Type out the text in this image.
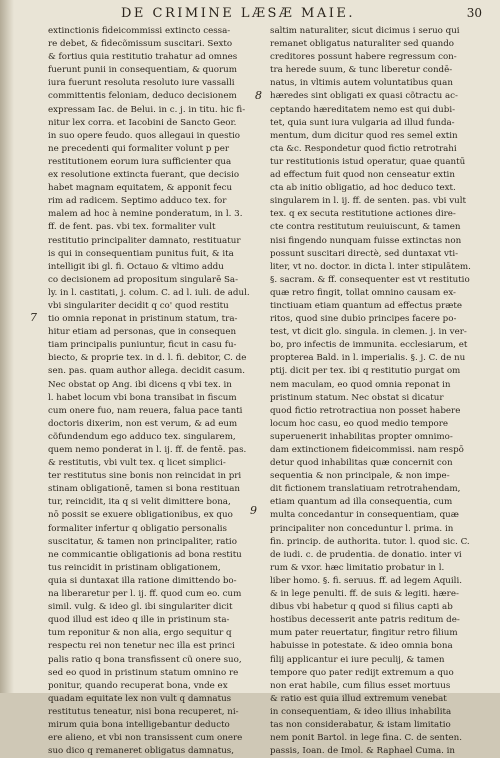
DE CRIMINE LÆSÆ MAIE.	30
extinctionis fideicommissi extincto cessa-
re debet, & fidecõmissum suscitari. Sexto
& fortius quia restitutio trahatur ad omnes
fuerunt punii in consequentiam, & quorum
iura fuerunt resoluta resoluto iure vassalli
committentis feloniam, deduco decisionem
expressam Iac. de Belui. in c. j. in titu. hic fi-
nitur lex corra. et Iacobini de Sancto Geor.
in suo opere feudo. quos allegaui in questio
ne precedenti qui formaliter volunt p per
restitutionem eorum iura sufficienter qua
ex resolutione extincta fuerant, que decisio
habet magnam equitatem, & apponit fecu
rim ad radicem. Septimo adduco tex. for
malem ad hoc à nemine ponderatum, in l. 3.
ff. de fent. pas. vbi tex. formaliter vult
restitutio principaliter damnato, restituatur
is qui in consequentiam punitus fuit, & ita
intelligit ibi gl. fi. Octauo & vltimo addu
co decisionem ad propositum singularē Sa-
ly. in l. castitati, j. colum. C. ad l. iuli. de adul.
vbi singulariter decidit q co' quod restitu
tio omnia reponat in pristinum statum, tra-
hitur etiam ad personas, que in consequen
tiam principalis puniuntur, ficut in casu fu-
biecto, & proprie tex. in d. l. fi. debitor, C. de
sen. pas. quam author allega. decidit casum.
Nec obstat op Ang. ibi dicens q vbi tex. in
l. habet locum vbi bona transibat in fiscum
cum onere fuo, nam reuera, falua pace tanti
doctoris dixerim, non est verum, & ad eum
cõfundendum ego adduco tex. singularem,
quem nemo ponderat in l. ij. ff. de fentē. pas.
& restitutis, vbi vult tex. q licet simplici-
ter restitutus sine bonis non reincidat in pri
stinam obligationē, tamen si bona restituan
tur, reincidit, ita q si velit dimittere bona,
nō possit se exuere obligationibus, ex quo
formaliter infertur q obligatio personalis
suscitatur, & tamen non principaliter, ratio
ne commicantie obligationis ad bona restitu
tus reincidit in pristinam obligationem,
quia si duntaxat illa ratione dimittendo bo-
na liberaretur per l. ij. ff. quod cum eo. cum
simil. vulg. & ideo gl. ibi singulariter dicit
quod illud est ideo q ille in pristinum sta-
tum reponitur & non alia, ergo sequitur q
respectu rei non tenetur nec illa est princi
palis ratio q bona transfissent cũ onere suo,
sed eo quod in pristinum statum omnino re
ponitur, quando recuperat bona, vnde ex
quadam equitate lex non vult q damnatus
restitutus teneatur, nisi bona recuperet, ni-
mirum quia bona intelligebantur deducto
ere alieno, et vbi non transissent cum onere
suo dico q remaneret obligatus damnatus,
saltim naturaliter, sicut dicimus i seruo qui
remanet obligatus naturaliter sed quando
creditores possunt habere regressum con-
tra herede suum, & tunc liberetur condē-
natus, in vltimis autem voluntatibus quan
hæredes sint obligati ex quasi cõtractu ac-
ceptando hæreditatem nemo est qui dubi-
tet, quia sunt iura vulgaria ad illud funda-
mentum, dum dicitur quod res semel extin
cta &c. Respondetur quod fictio retrotrahi
tur restitutionis istud operatur, quae quantū
ad effectum fuit quod non censeatur extin
cta ab initio obligatio, ad hoc deduco text.
singularem in l. ij. ff. de senten. pas. vbi vult
tex. q ex secuta restitutione actiones dire-
cte contra restitutum reuiuiscunt, & tamen
nisi fingendo nunquam fuisse extinctas non
possunt suscitari directè, sed duntaxat vti-
liter, vt no. doctor. in dicta l. inter stipulātem.
§. sacram. & ff. consequenter est vt restitutio
quæ retro fingit, tollat omnino causam ex-
tinctiuam etiam quantum ad effectus præte
ritos, quod sine dubio principes facere po-
test, vt dicit glo. singula. in clemen. j. in ver-
bo, pro infectis de immunita. ecclesiarum, et
propterea Bald. in l. imperialis. §. j. C. de nu
ptij. dicit per tex. ibi q restitutio purgat om
nem maculam, eo quod omnia reponat in
pristinum statum. Nec obstat si dicatur
quod fictio retrotractiua non posset habere
locum hoc casu, eo quod medio tempore
superuenerit inhabilitas propter omnimo-
dam extinctionem fideicommissi. nam respō
detur quod inhabilitas quæ concernit con
sequentia & non principale, & non impe-
dit fictionem translatiuam retrotrahendam,
etiam quantum ad illa consequentia, cum
multa concedantur in consequentiam, quæ
principaliter non conceduntur l. prima. in
fin. princip. de authorita. tutor. l. quod sic. C.
de iudi. c. de prudentia. de donatio. inter vi
rum & vxor. hæc limitatio probatur in l.
liber homo. §. fi. seruus. ff. ad legem Aquili.
& in lege penulti. ff. de suis & legiti. hære-
dibus vbi habetur q quod si filius capti ab
hostibus decesserit ante patris reditum de-
mum pater reuertatur, fingitur retro filium
habuisse in potestate. & ideo omnia bona
filij applicantur ei iure peculij, & tamen
tempore quo pater redijt extremum a quo
non erat habile, cum filius esset mortuus
& ratio est quia illud extremum venebat
in consequentiam, & ideo illius inhabilita
tas non considerabatur, & istam limitatio
nem ponit Bartol. in lege fina. C. de senten.
passis, Ioan. de Imol. & Raphael Cuma. in
7
8
9
